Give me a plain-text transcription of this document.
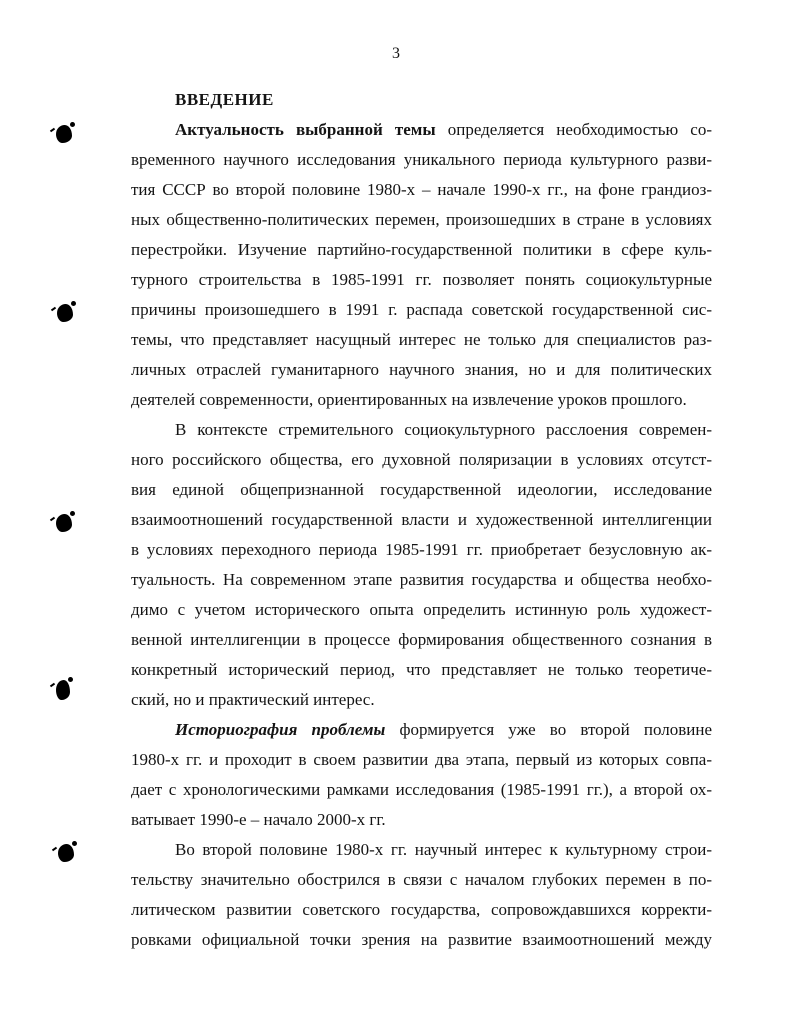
3
ВВЕДЕНИЕ

Актуальность выбранной темы определяется необходимостью со-

временного научного исследования уникального периода культурного разви-

тия СССР во второй половине 1980-х – начале 1990-х гг., на фоне грандиоз-

ных общественно-политических перемен, произошедших в стране в условиях

перестройки. Изучение партийно-государственной политики в сфере куль-

турного строительства в 1985-1991 гг. позволяет понять социокультурные

причины произошедшего в 1991 г. распада советской государственной сис-

темы, что представляет насущный интерес не только для специалистов раз-

личных отраслей гуманитарного научного знания, но и для политических

деятелей современности, ориентированных на извлечение уроков прошлого.

В контексте стремительного социокультурного расслоения современ-

ного российского общества, его духовной поляризации в условиях отсутст-

вия единой общепризнанной государственной идеологии, исследование

взаимоотношений государственной власти и художественной интеллигенции

в условиях переходного периода 1985-1991 гг. приобретает безусловную ак-

туальность. На современном этапе развития государства и общества необхо-

димо с учетом исторического опыта определить истинную роль художест-

венной интеллигенции в процессе формирования общественного сознания в

конкретный исторический период, что представляет не только теоретиче-

ский, но и практический интерес.

Историография проблемы формируется уже во второй половине

1980-х гг. и проходит в своем развитии два этапа, первый из которых совпа-

дает с хронологическими рамками исследования (1985-1991 гг.), а второй ох-

ватывает 1990-е – начало 2000-х гг.

Во второй половине 1980-х гг. научный интерес к культурному строи-

тельству значительно обострился в связи с началом глубоких перемен в по-

литическом развитии советского государства, сопровождавшихся корректи-

ровками официальной точки зрения на развитие взаимоотношений между
